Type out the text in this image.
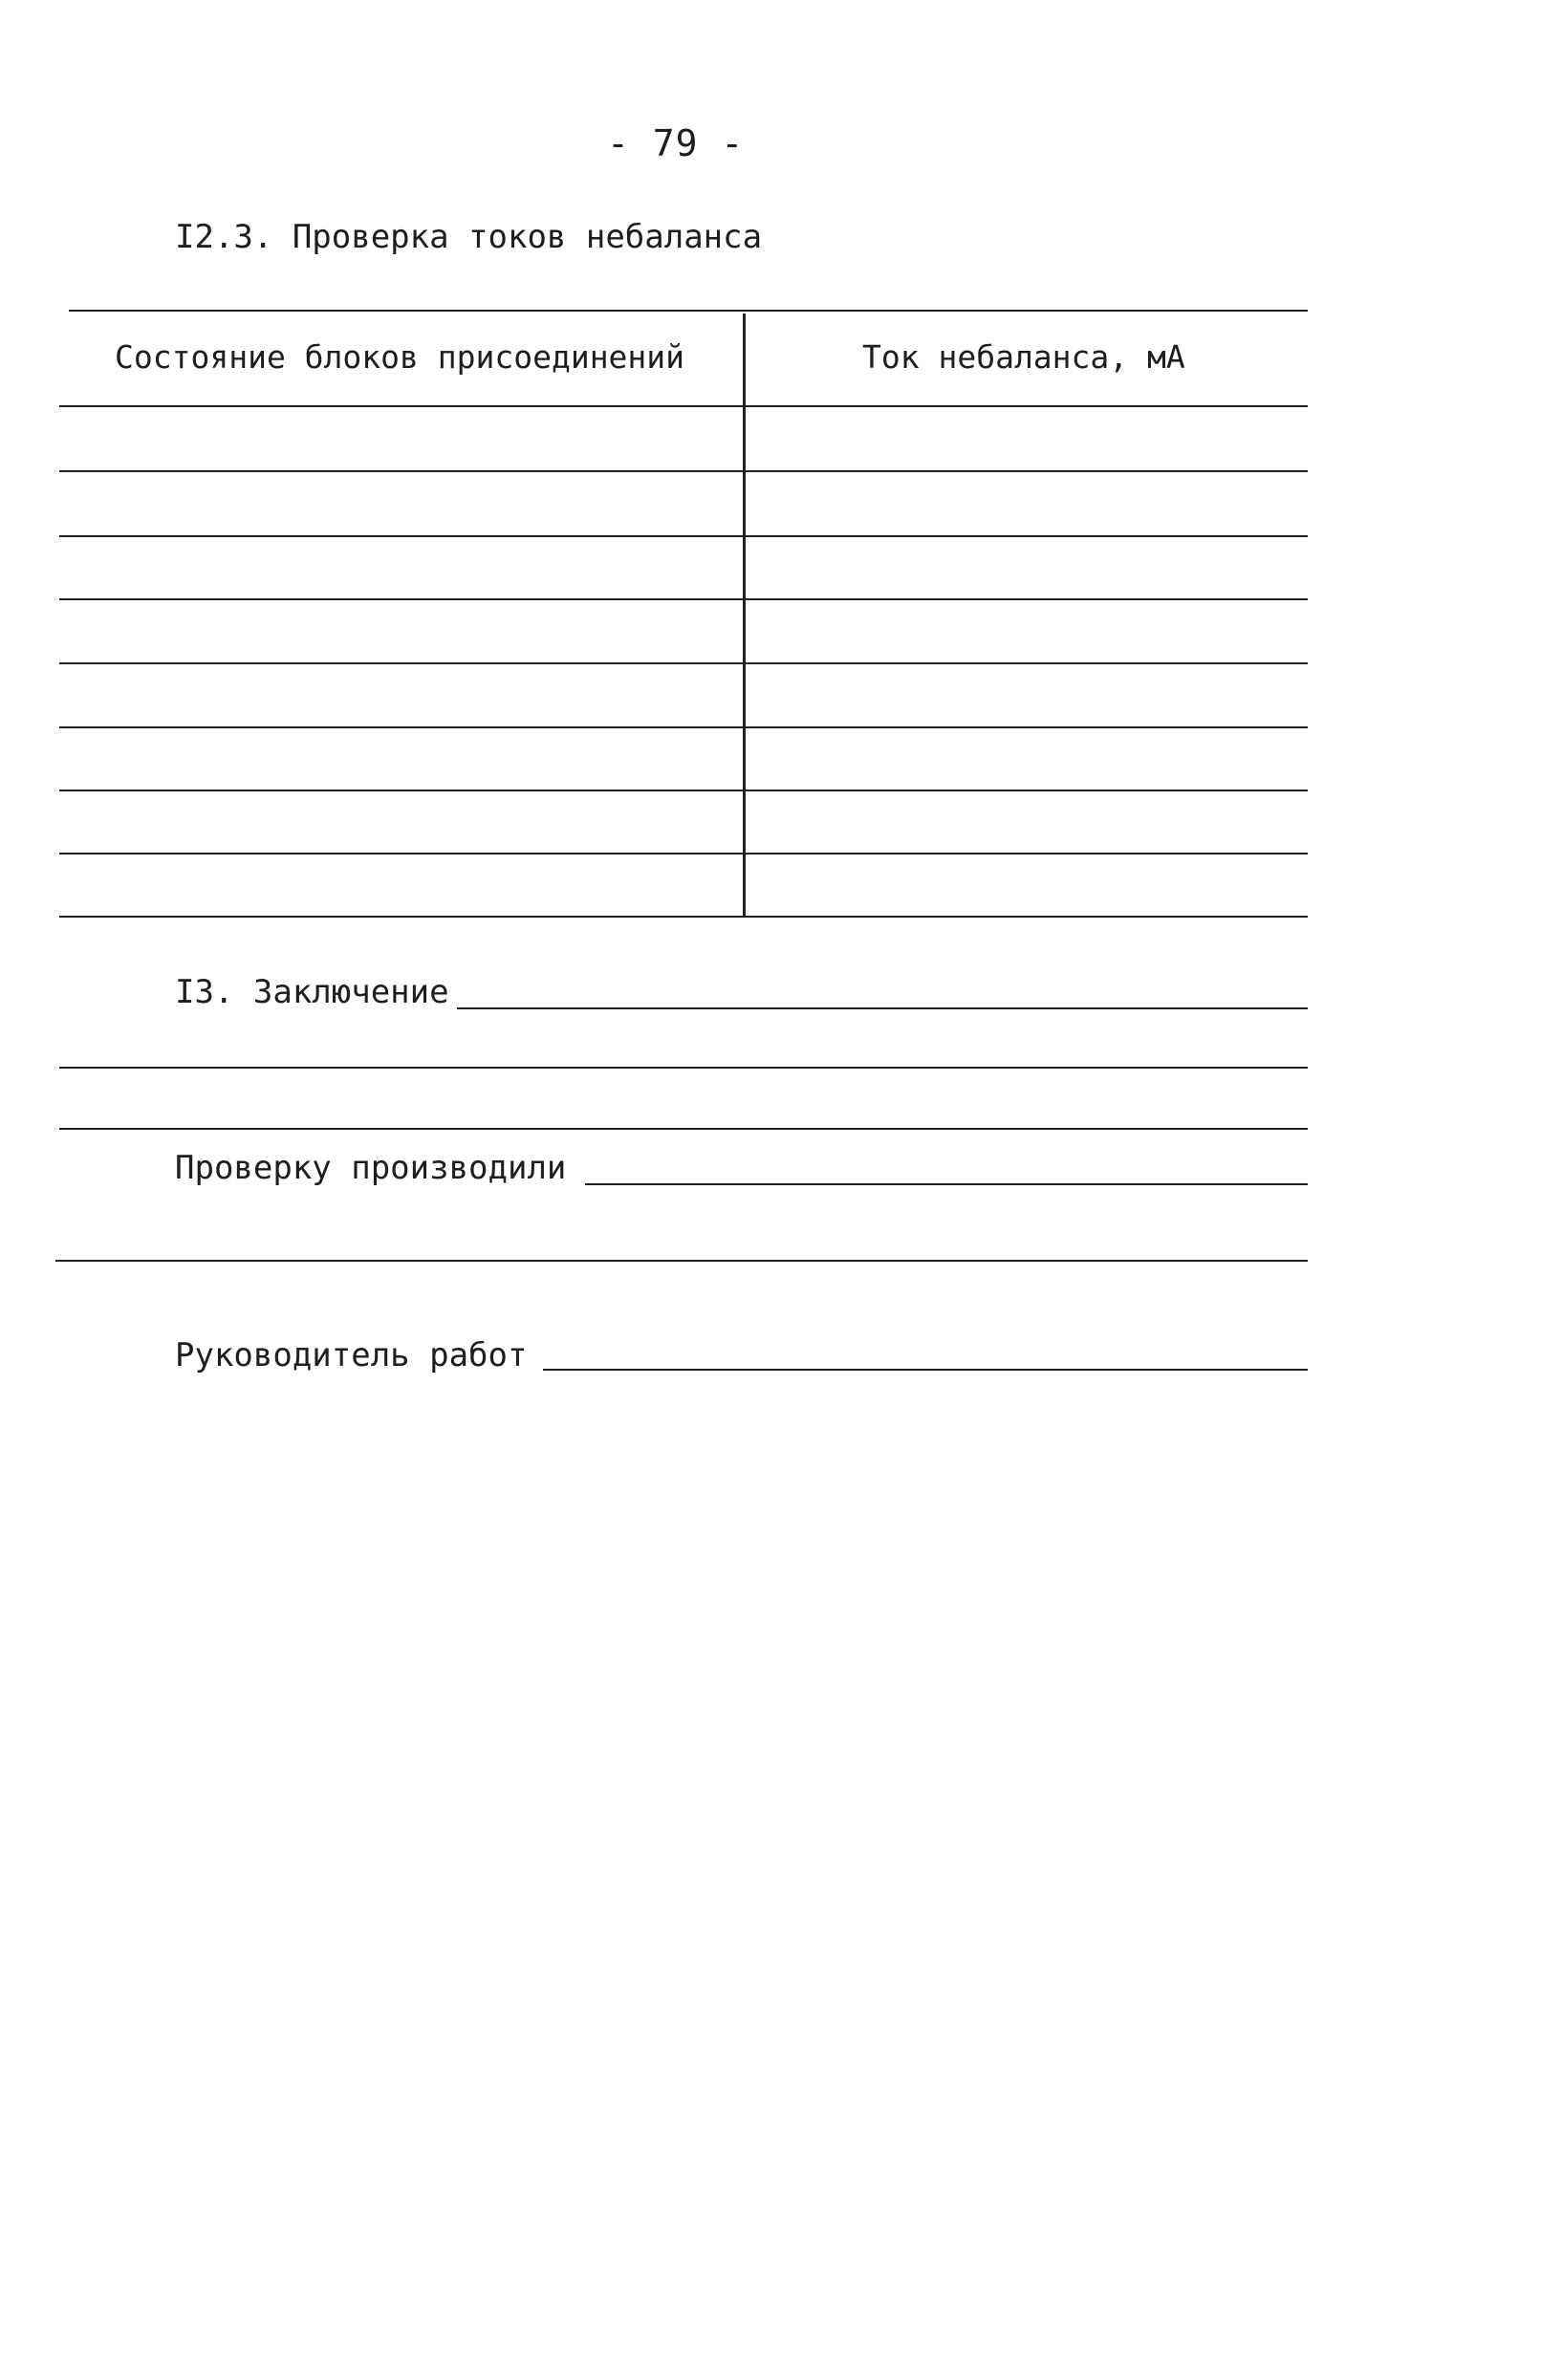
- 79 -
I2.3. Проверка токов небаланса
Состояние блоков присоединений	Ток небаланса, мА
I3. Заключение
Проверку производили
Руководитель работ
